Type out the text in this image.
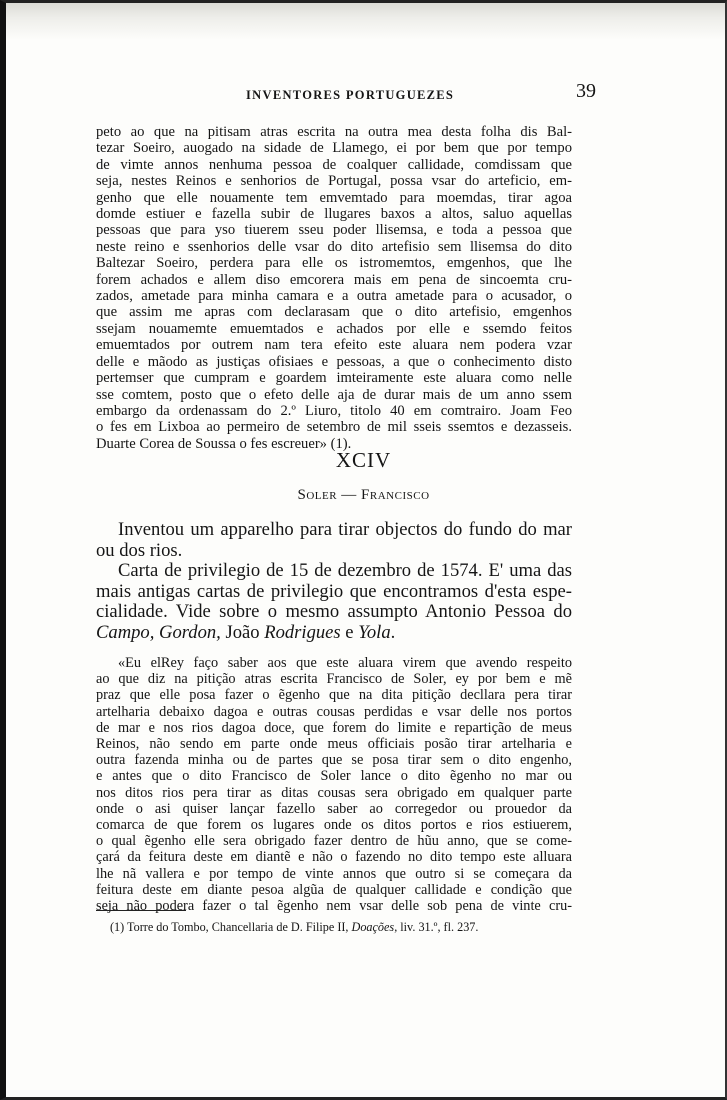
INVENTORES PORTUGUEZES	39
peto ao que na pitisam atras escrita na outra mea desta folha dis Bal-
tezar Soeiro, auogado na sidade de Llamego, ei por bem que por tempo
de vimte annos nenhuma pessoa de coalquer callidade, comdissam que
seja, nestes Reinos e senhorios de Portugal, possa vsar do arteficio, em-
genho que elle nouamente tem emvemtado para moemdas, tirar agoa
domde estiuer e fazella subir de llugares baxos a altos, saluo aquellas
pessoas que para yso tiuerem sseu poder llisemsa, e toda a pessoa que
neste reino e ssenhorios delle vsar do dito artefisio sem llisemsa do dito
Baltezar Soeiro, perdera para elle os istromemtos, emgenhos, que lhe
forem achados e allem diso emcorera mais em pena de sincoemta cru-
zados, ametade para minha camara e a outra ametade para o acusador, o
que assim me apras com declarasam que o dito artefisio, emgenhos
ssejam nouamemte emuemtados e achados por elle e ssemdo feitos
emuemtados por outrem nam tera efeito este aluara nem podera vzar
delle e mãodo as justiças ofisiaes e pessoas, a que o conhecimento disto
pertemser que cumpram e goardem imteiramente este aluara como nelle
sse comtem, posto que o efeto delle aja de durar mais de um anno ssem
embargo da ordenassam do 2.º Liuro, titolo 40 em comtrairo. Joam Feo
o fes em Lixboa ao permeiro de setembro de mil sseis ssemtos e dezasseis.
Duarte Corea de Soussa o fes escreuer» (1).
XCIV
Soler — Francisco
Inventou um apparelho para tirar objectos do fundo do mar
ou dos rios.
Carta de privilegio de 15 de dezembro de 1574. E' uma das
mais antigas cartas de privilegio que encontramos d'esta espe-
cialidade. Vide sobre o mesmo assumpto Antonio Pessoa do
Campo, Gordon, João Rodrigues e Yola.
«Eu elRey faço saber aos que este aluara virem que avendo respeito
ao que diz na pitição atras escrita Francisco de Soler, ey por bem e mẽ
praz que elle posa fazer o ẽgenho que na dita pitição decllara pera tirar
artelharia debaixo dagoa e outras cousas perdidas e vsar delle nos portos
de mar e nos rios dagoa doce, que forem do limite e repartição de meus
Reinos, não sendo em parte onde meus officiais posão tirar artelharia e
outra fazenda minha ou de partes que se posa tirar sem o dito engenho,
e antes que o dito Francisco de Soler lance o dito ẽgenho no mar ou
nos ditos rios pera tirar as ditas cousas sera obrigado em qualquer parte
onde o asi quiser lançar fazello saber ao corregedor ou prouedor da
comarca de que forem os lugares onde os ditos portos e rios estiuerem,
o qual ẽgenho elle sera obrigado fazer dentro de hũu anno, que se come-
çará da feitura deste em diantẽ e não o fazendo no dito tempo este alluara
lhe nã vallera e por tempo de vinte annos que outro si se começara da
feitura deste em diante pesoa algũa de qualquer callidade e condição que
seja não podera fazer o tal ẽgenho nem vsar delle sob pena de vinte cru-
(1) Torre do Tombo, Chancellaria de D. Filipe II, Doações, liv. 31.º, fl. 237.
